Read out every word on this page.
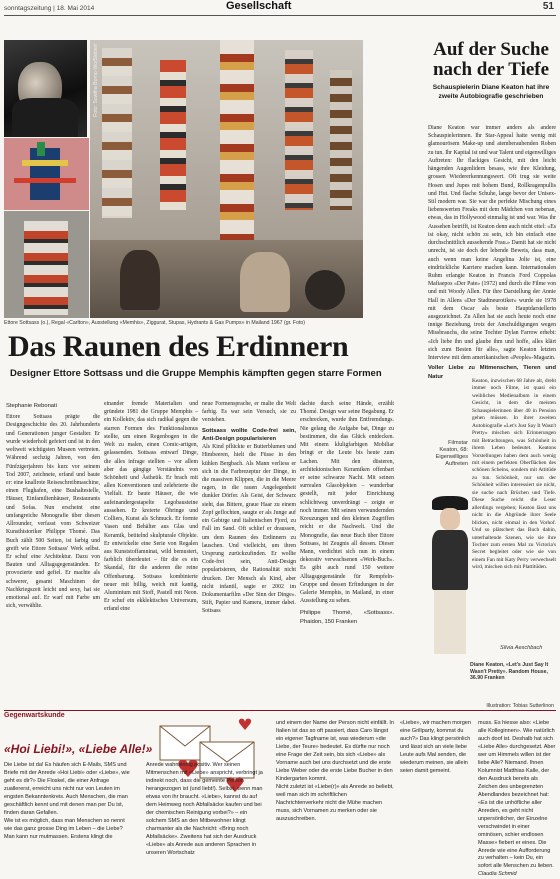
sonntagszeitung | 18. Mai 2014	Gesellschaft	51
Foto: Sowtha Bomo-Wo/Siebert
Ettore Sottsass (o.), Regal «Carlton», Ausstellung «Memhis», Ziggurat, Stupas, Hydrants & Gas Pumps» in Mailand 1967 (gr. Foto)
Das Raunen des Erdinnern
Designer Ettore Sottsass und die Gruppe Memphis kämpften gegen starre Formen
Stephanie Rebonati
Ettore Sottsass prägte die Designgeschichte des 20. Jahrhunderts und Generationen junger Gestalter. Er wurde wiederholt gefeiert und ist in den weltweit wichtigsten Museen vertreten. Während sechzig Jahren, von den Fünfzigerjahren bis kurz vor seinem Tod 2007, zeichnete, erfand und baute er: eine knallrote Reiseschreibmaschine, einen Flughafen, eine Bushaltestelle, Häuser, Einfamilienhäuser, Restaurants und Sofas. Nun erscheint eine umfangreiche Monografie über diesen Allrounder, verfasst vom Schweizer Kunsthistoriker Philippe Thomé. Das Buch zählt 500 Seiten, ist farbig und greift wie Ettore Sottsass' Werk selbst. Er schuf eine Architektur. Dazu von Bauten und Alltagsgegenständen. Er provozierte und gefiel. Er machte als schwerer, gesamt Maschinen der Nachkriegszeit leicht und sexy, hat sie emotional auf. Er warf mit Farbe um sich, verwählte.
einander fremde Materialien und gründete 1981 die Gruppe Memphis – ein Kollektiv, das sich radikal gegen die starren Formen des Funktionalismus stellte, um einen Regenbogen in die Welt zu malen, einen Comic-artigen, gelassenden. Sottsass entwarf Dinge, die alles infrage stellten – vor allem aber das gängige Verständnis von Schönheit und Ästhetik. Er brach mit allen Konventionen und zelebrierte die Vielfalt. Er baute Häuser, die wie aufeinandergestapelte Legobausteine aussehen. Er kreierte Öhringe und Colliers, Kunst als Schmuck. Er formte Vasen und Behälter aus Glas und Keramik, betitelnd skulpturale Objekte. Er entwickelte eine Serie von Regalen aus Kunststoffamninat, wild bemustert, farblich überdeutet – für die es ein Skandal, für die anderen die reine Offenbarung. Sottsass kombinierte neuer mit billig, weich mit kantig, Aluminium mit Stoff, Pastell mit Neon. Er schuf ein ekklektisches Universum, erfand eine
neue Formensprache, er malte die Welt farbig. Es war sein Versuch, sie zu verstehen.
Sottsass wollte Code-frei sein, Anti-Design popularisieren
Als Kind pflückte er Butterblumen und Himbeeren, hielt die Füsse in den kühlen Bergbach. Als Mann verliess er sich in die Farbrezeptur der Dinge, in die massiven Klippen, die in die Meere ragen, in die rauen Angelegenheit dunkler Dörfer. Als Geist, der Schwarz sieht, das Bittere, graue Haar zu einem Zopf geflochten, saugte er als Junge auf ein Gebirge und italienischen Fjord, zu Fall im Sand. Oft schlief er draussen, um dem Raunen des Erdinnern zu lauschen. Und vielleicht, um ihren Ursprung zurückzufinden. Er wollte Code-frei sein, Anti-Design popularisieren, die Rationalität nicht drucken. Der Mensch als Kind, aber nicht infantil, sagte er 2002 im Dokumentarfilm «Der Sinn der Dinge». Stift, Papier und Kamera, immer dabei. Sottsass
dachte durch seine Hände, erzählt Thomé. Design war seine Begabung. Er erschrecken, wurde ihm Entfremdungs. Nie gelang die Aufgabe bat, Dinge zu bestimmen, die das Glück entdecken. Mit einem kluligfarbigen Mobiliar bringt er die Leute bis heute zum Lachen. Mit den düsteren, architektonischen Keramiken offenbart er seine schwarze Nacht. Mit seinen surrealen Glasobjekten – wunderbar gestellt, mit jeder Einrichtung schlichtweg unverdrängt – zeigte er noch immer. Mit seinen verwundernden Kreuzungen und den kleinen Zugriffen reicht er die Nachwelt. Und die Monografie, das neue Buch über Ettore Sottsass, ist Zeugnis all dessen. Dieser Mann, verdichtet sich nun in einem dekorativ verwachsenen «Werk-Buch». Es gibt auch rund 150 weitere Alltagsgegenstände für Rempfeln-Gruppe und dessen Erfindungen in der Galerie Memphis, in Mailand, in einer Ausstellung zu sehen.
Philippe Thomé, «Sottsass». Phaidon, 150 Franken
Auf der Suche nach der Tiefe
Schauspielerin Diane Keaton hat ihre zweite Autobiografie geschrieben
Diane Keaton war immer anders als andere Schauspielerinnen. Ihr Star-Appeal hatte wenig mit glamourösem Make-up und atemberaubenden Roben zu tun. Ihr Kapital ist und war Talent und eigenwilliges Auftreten: Ihr flackiges Gesicht, mit den leicht hängenden Augenlidern besass, wie ihre Kleidung, grossen Wiedererkennungswert. Oft trug sie weite Hosen und Jupes mit hohem Bund, Rollkragenpullis und Hut. Und flache Schuhe, lange bevor der Unisex-Stil modern war. Sie war die perfekte Mischung eines liebenswerten Freaks mit dem Mädchen von nebenan, etwas, das in Hollywood einmalig ist und war. Was ihr Aussehen betrifft, ist Keaton denn auch nicht eitel: «Es ist okay, nicht schön zu sein, ich bin einfach eine durchschnittlich aussehende Frau.» Damit hat sie nicht unrecht, ist sie doch der lebende Beweis, dass man, auch wenn man keine Angelina Jolie ist, eine eindrückliche Karriere machen kann. Internationalen Ruhm erlangte Keaton in Francis Ford Coppolas Mafiaepos «Der Pate» (1972) und durch die Filme von und mit Woody Allen. Für ihre Darstellung der Annie Hall in Allens «Der Stadtneurotiker» wurde sie 1978 mit dem Oscar als beste Hauptdarstellerin ausgezeichnet. Zu Allen hat sie auch heute noch eine innige Beziehung, trotz der Anschuldigungen wegen Missbrauchs, die seine Tochter Dylan Farrow erhebt: «Ich liebe ihn und glaube ihm und hoffe, alles klärt sich zum Besten für alle», sagte Keaton letzten Interview mit dem amerikanischen «People»-Magazin.
Voller Liebe zu Mitmenschen, Tieren und Natur
Keaton, inzwischen 68 Jahre alt, dreht immer noch Filme, ist quasi ein weibliches Medienalbum in einem Gesicht, in dem die meisten Schauspielerinnen über 40 in Pension gehen müssen. In ihrer zweiten Autobiografie «Let's Just Say It Wasn't Pretty» mischen sich Erinnerungen mit Betrachtungen, was Schönheit in ihrem Leben bedeutet. Keatons Vorstellungen haben dem auch wenig mit einem perfekten Oberflächen des schönen Scheins, sondern mit Attitüde zu tun. Schönheit, nur um der Schönheit willen interessiert sie nicht, sie suche nach Brüchen und Tiefe. Diese Suche reicht die Leser allerdings vergeben; Keaton lässt uns nicht in die Abgründe ihrer Seele blicken, nicht einmal in den Vorhof. Und so plätschert das Buch dahin, unterhaltende Szenen, wie sie ihre Tochter zum ersten Mal zu Victoria's Secret begleitet oder wie sie von einem Fan mit Katy Perry verwechselt wird, mischen sich mit Plattitüden.
Filmstar Keaton, 68: Eigenwilliges Auftreten
Silvia Aeschbach
Diane Keaton, «Let's Just Say It Wasn't Pretty». Random House, 36.90 Franken
Gegenwartskunde
Illustration: Tobias Sutterlinon
«Hoi Liebi!», «Liebe Alle!»
Die Liebe ist da! Es häufen sich E-Mails, SMS und Briefe mit der Anrede «Hoi Liebi» oder «Liebe», wie geht es dir?» Die Floskel, die einer Anfrage zuallererst, erreicht uns nicht nur von Leuten im engsten Bekanntenkreis. Auch Menschen, die man geschäftlich kennt und mit denen man per Du ist, finden daran Gefallen.
Wie ist es möglich, dass man Menschen so nennt wie das ganz grosse Ding im Leben – die Liebe? Man kann nur mutmassen. Erstens klingt die
Anrede wahnsinnig positiv. Wer seinen Mitmenschen mit «Liebe» anspricht, verbringt ja indirekt noch, dass die gemeinte Person herangezogen ist (und liebt!). Selbst, wenn man etwas von ihr braucht. «Liebe», kannst du auf dem Heimweg noch Abfallsäcke kaufen und bei der chemischen Reinigung vorbei?» – ein solchem SMS an den Mitbewohner klingt charmanter als die Nachricht: «Bring noch Abfallsäcke». Zweitens hat sich der Ausdruck «Liebe» als Anrede aus anderen Sprachen in unseren Wortschatz
und einem der Name der Person nicht einfällt. In Italien ist das so oft passiert, dass Caro längst ein eigener Tagfname ist, was wiederum «die Liebe, der Teure» bedeutet. Es dürfte nur noch eine Frage der Zeit sein, bis sich «Liebe» als Vorname auch bei uns durchsetzt und die erste Liebe Weber oder die erste Liebe Bucher in den Kindergarten kommt.
Nicht zuletzt ist «Liebe(r)» als Anrede so beliebt, weil man sich im schriftlichen Nachrichtenverkehr nicht die Mühe machen muss, sich Vornamen zu merken oder sie auszuschreiben.
«Liebe», wir machen morgen eine Grillparty, kommst du auch?» Das klingt persönlich und lässt sich an viele liebe Leute aufs Mal senden, die wiederum meinen, sie allein seien damit gemeint.
muss. Es hiesse also: «Liebe alle Kolleginnen». Wie natürlich auch doof ist. Deshalb hat sich «Liebe Alle» durchgesetzt. Aber wer um Himmels willen ist der liebe Alle? Niemand. Ihnen Kolumnist Matthias Kalle, der den Ausdruck bereits als Zeichen des unbegrenzten Abendlandes bezeichnet hat: «Es ist die unhöfliche aller Anreden, es geht nicht unpersönlicher, der Einzelne verschwindet in einer ominösen, schier endlosen Masse» fiebert er eines. Die Anrede wie eine Aufforderung zu verhalten – kein Du, ein sofort alle Menschen zu lieben. Claudia Schmid
